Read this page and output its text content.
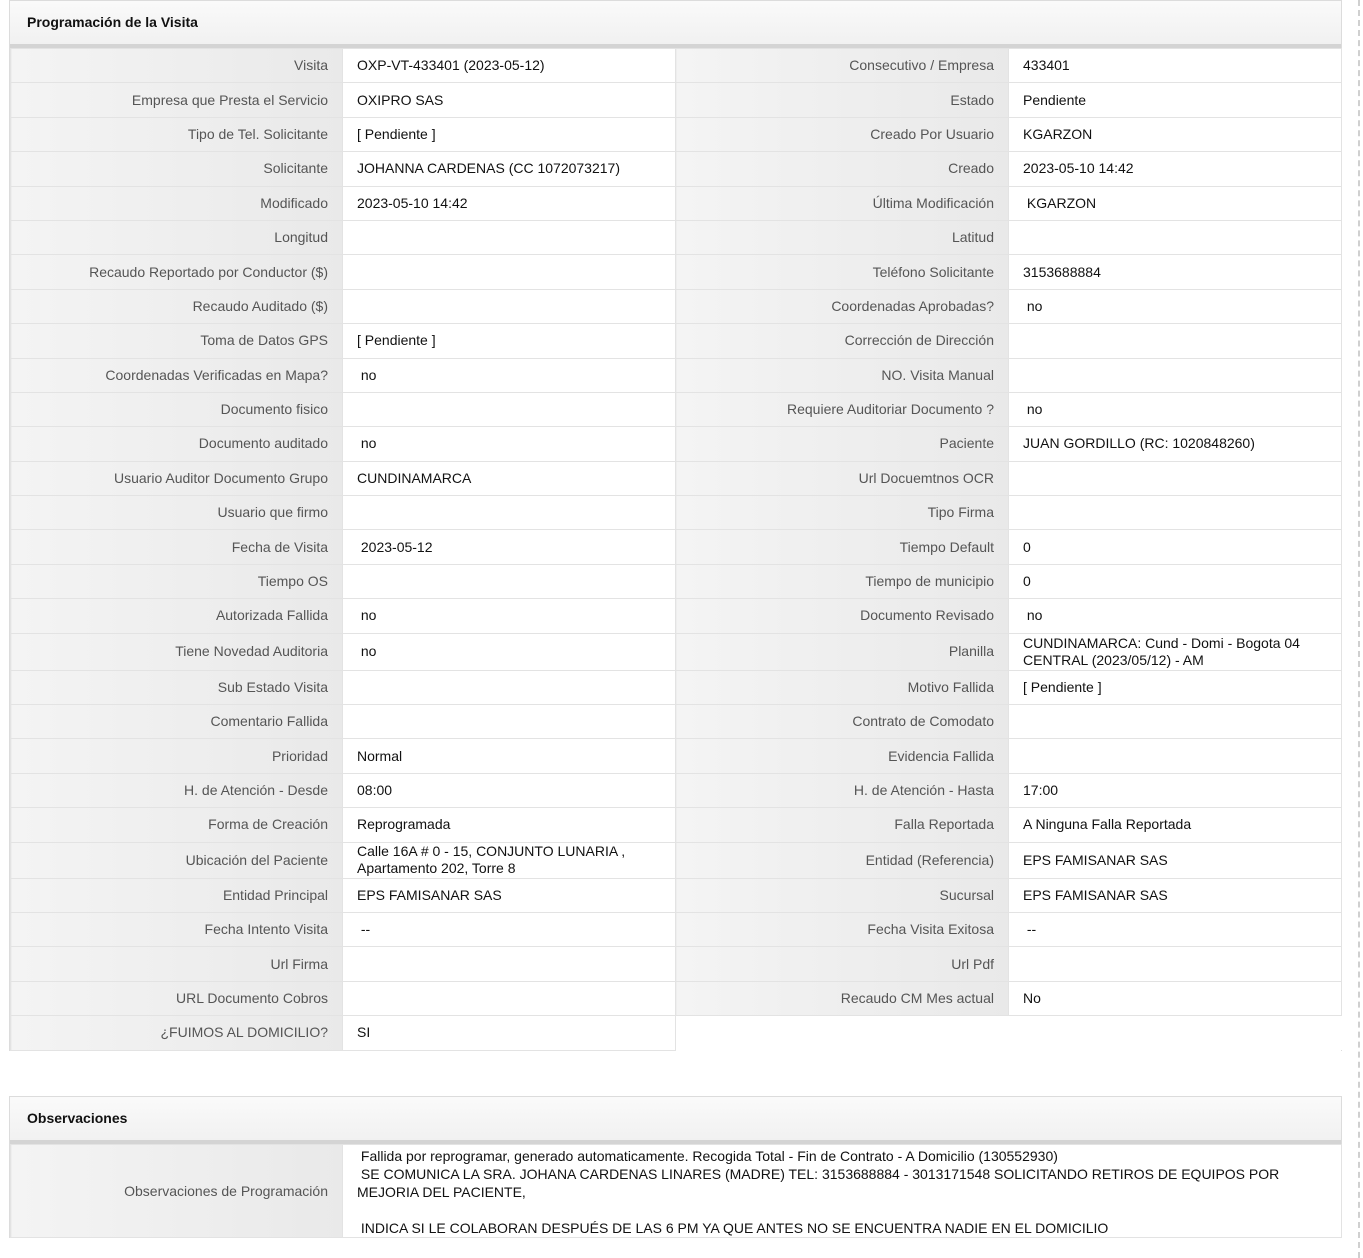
Programación de la Visita
Visita	OXP-VT-433401 (2023-05-12)	Consecutivo / Empresa	433401
Empresa que Presta el Servicio	OXIPRO SAS	Estado	Pendiente
Tipo de Tel. Solicitante	[ Pendiente ]	Creado Por Usuario	KGARZON
Solicitante	JOHANNA CARDENAS (CC 1072073217)	Creado	2023-05-10 14:42
Modificado	2023-05-10 14:42	Última Modificación	KGARZON
Longitud		Latitud	
Recaudo Reportado por Conductor ($)		Teléfono Solicitante	3153688884
Recaudo Auditado ($)		Coordenadas Aprobadas?	no
Toma de Datos GPS	[ Pendiente ]	Corrección de Dirección	
Coordenadas Verificadas en Mapa?	no	NO. Visita Manual	
Documento fisico		Requiere Auditoriar Documento ?	no
Documento auditado	no	Paciente	JUAN GORDILLO (RC: 1020848260)
Usuario Auditor Documento Grupo	CUNDINAMARCA	Url Docuemtnos OCR	
Usuario que firmo		Tipo Firma	
Fecha de Visita	2023-05-12	Tiempo Default	0
Tiempo OS		Tiempo de municipio	0
Autorizada Fallida	no	Documento Revisado	no
Tiene Novedad Auditoria	no	Planilla	CUNDINAMARCA: Cund - Domi - Bogota 04 CENTRAL (2023/05/12) - AM
Sub Estado Visita		Motivo Fallida	[ Pendiente ]
Comentario Fallida		Contrato de Comodato	
Prioridad	Normal	Evidencia Fallida	
H. de Atención - Desde	08:00	H. de Atención - Hasta	17:00
Forma de Creación	Reprogramada	Falla Reportada	A Ninguna Falla Reportada
Ubicación del Paciente	Calle 16A # 0 - 15, CONJUNTO LUNARIA , Apartamento 202, Torre 8	Entidad (Referencia)	EPS FAMISANAR SAS
Entidad Principal	EPS FAMISANAR SAS	Sucursal	EPS FAMISANAR SAS
Fecha Intento Visita	--	Fecha Visita Exitosa	--
Url Firma		Url Pdf	
URL Documento Cobros		Recaudo CM Mes actual	No
¿FUIMOS AL DOMICILIO?	SI		
Observaciones
Observaciones de Programación	Fallida por reprogramar, generado automaticamente. Recogida Total - Fin de Contrato - A Domicilio (130552930)
SE COMUNICA LA SRA. JOHANA CARDENAS LINARES (MADRE) TEL: 3153688884 - 3013171548 SOLICITANDO RETIROS DE EQUIPOS POR MEJORIA DEL PACIENTE,

INDICA SI LE COLABORAN DESPUÉS DE LAS 6 PM YA QUE ANTES NO SE ENCUENTRA NADIE EN EL DOMICILIO
